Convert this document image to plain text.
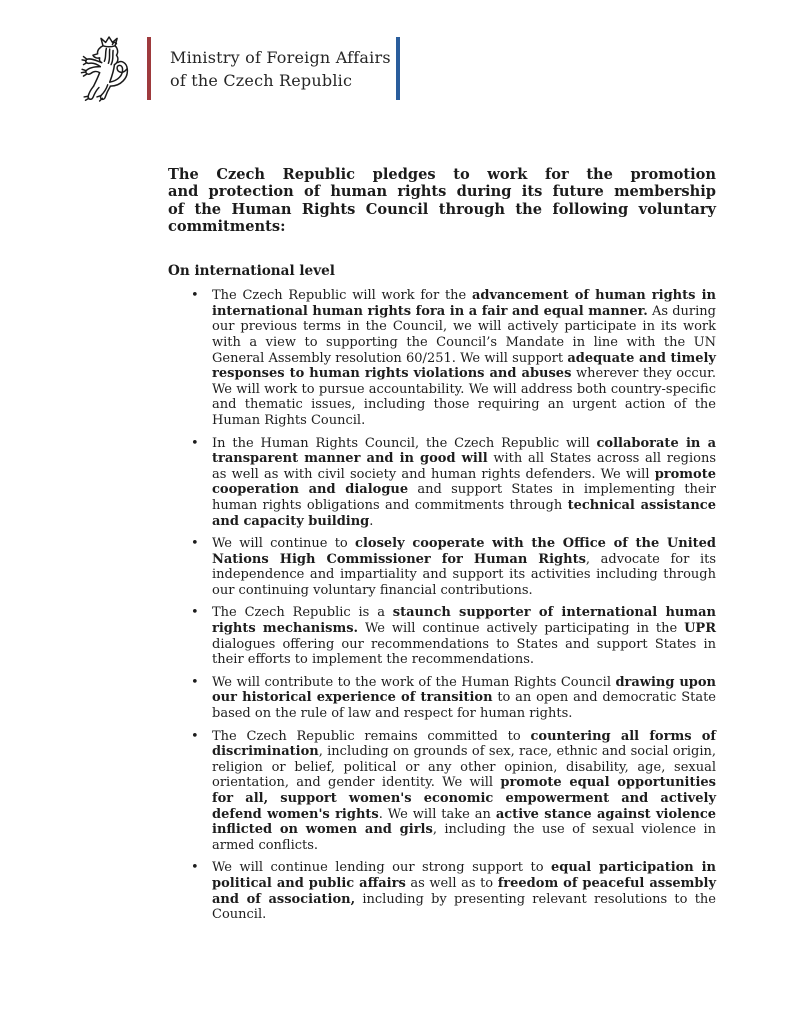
Ministry of Foreign Affairs
of the Czech Republic
The Czech Republic pledges to work for the promotion
and protection of human rights during its future membership
of the Human Rights Council through the following voluntary
commitments:
On international level
• The Czech Republic will work for the advancement of human rights in international human rights fora in a fair and equal manner. As during our previous terms in the Council, we will actively participate in its work with a view to supporting the Council’s Mandate in line with the UN General Assembly resolution 60/251. We will support adequate and timely responses to human rights violations and abuses wherever they occur. We will work to pursue accountability. We will address both country-specific and thematic issues, including those requiring an urgent action of the Human Rights Council.
• In the Human Rights Council, the Czech Republic will collaborate in a transparent manner and in good will with all States across all regions as well as with civil society and human rights defenders. We will promote cooperation and dialogue and support States in implementing their human rights obligations and commitments through technical assistance and capacity building.
• We will continue to closely cooperate with the Office of the United Nations High Commissioner for Human Rights, advocate for its independence and impartiality and support its activities including through our continuing voluntary financial contributions.
• The Czech Republic is a staunch supporter of international human rights mechanisms. We will continue actively participating in the UPR dialogues offering our recommendations to States and support States in their efforts to implement the recommendations.
• We will contribute to the work of the Human Rights Council drawing upon our historical experience of transition to an open and democratic State based on the rule of law and respect for human rights.
• The Czech Republic remains committed to countering all forms of discrimination, including on grounds of sex, race, ethnic and social origin, religion or belief, political or any other opinion, disability, age, sexual orientation, and gender identity. We will promote equal opportunities for all, support women's economic empowerment and actively defend women's rights. We will take an active stance against violence inflicted on women and girls, including the use of sexual violence in armed conflicts.
• We will continue lending our strong support to equal participation in political and public affairs as well as to freedom of peaceful assembly and of association, including by presenting relevant resolutions to the Council.
